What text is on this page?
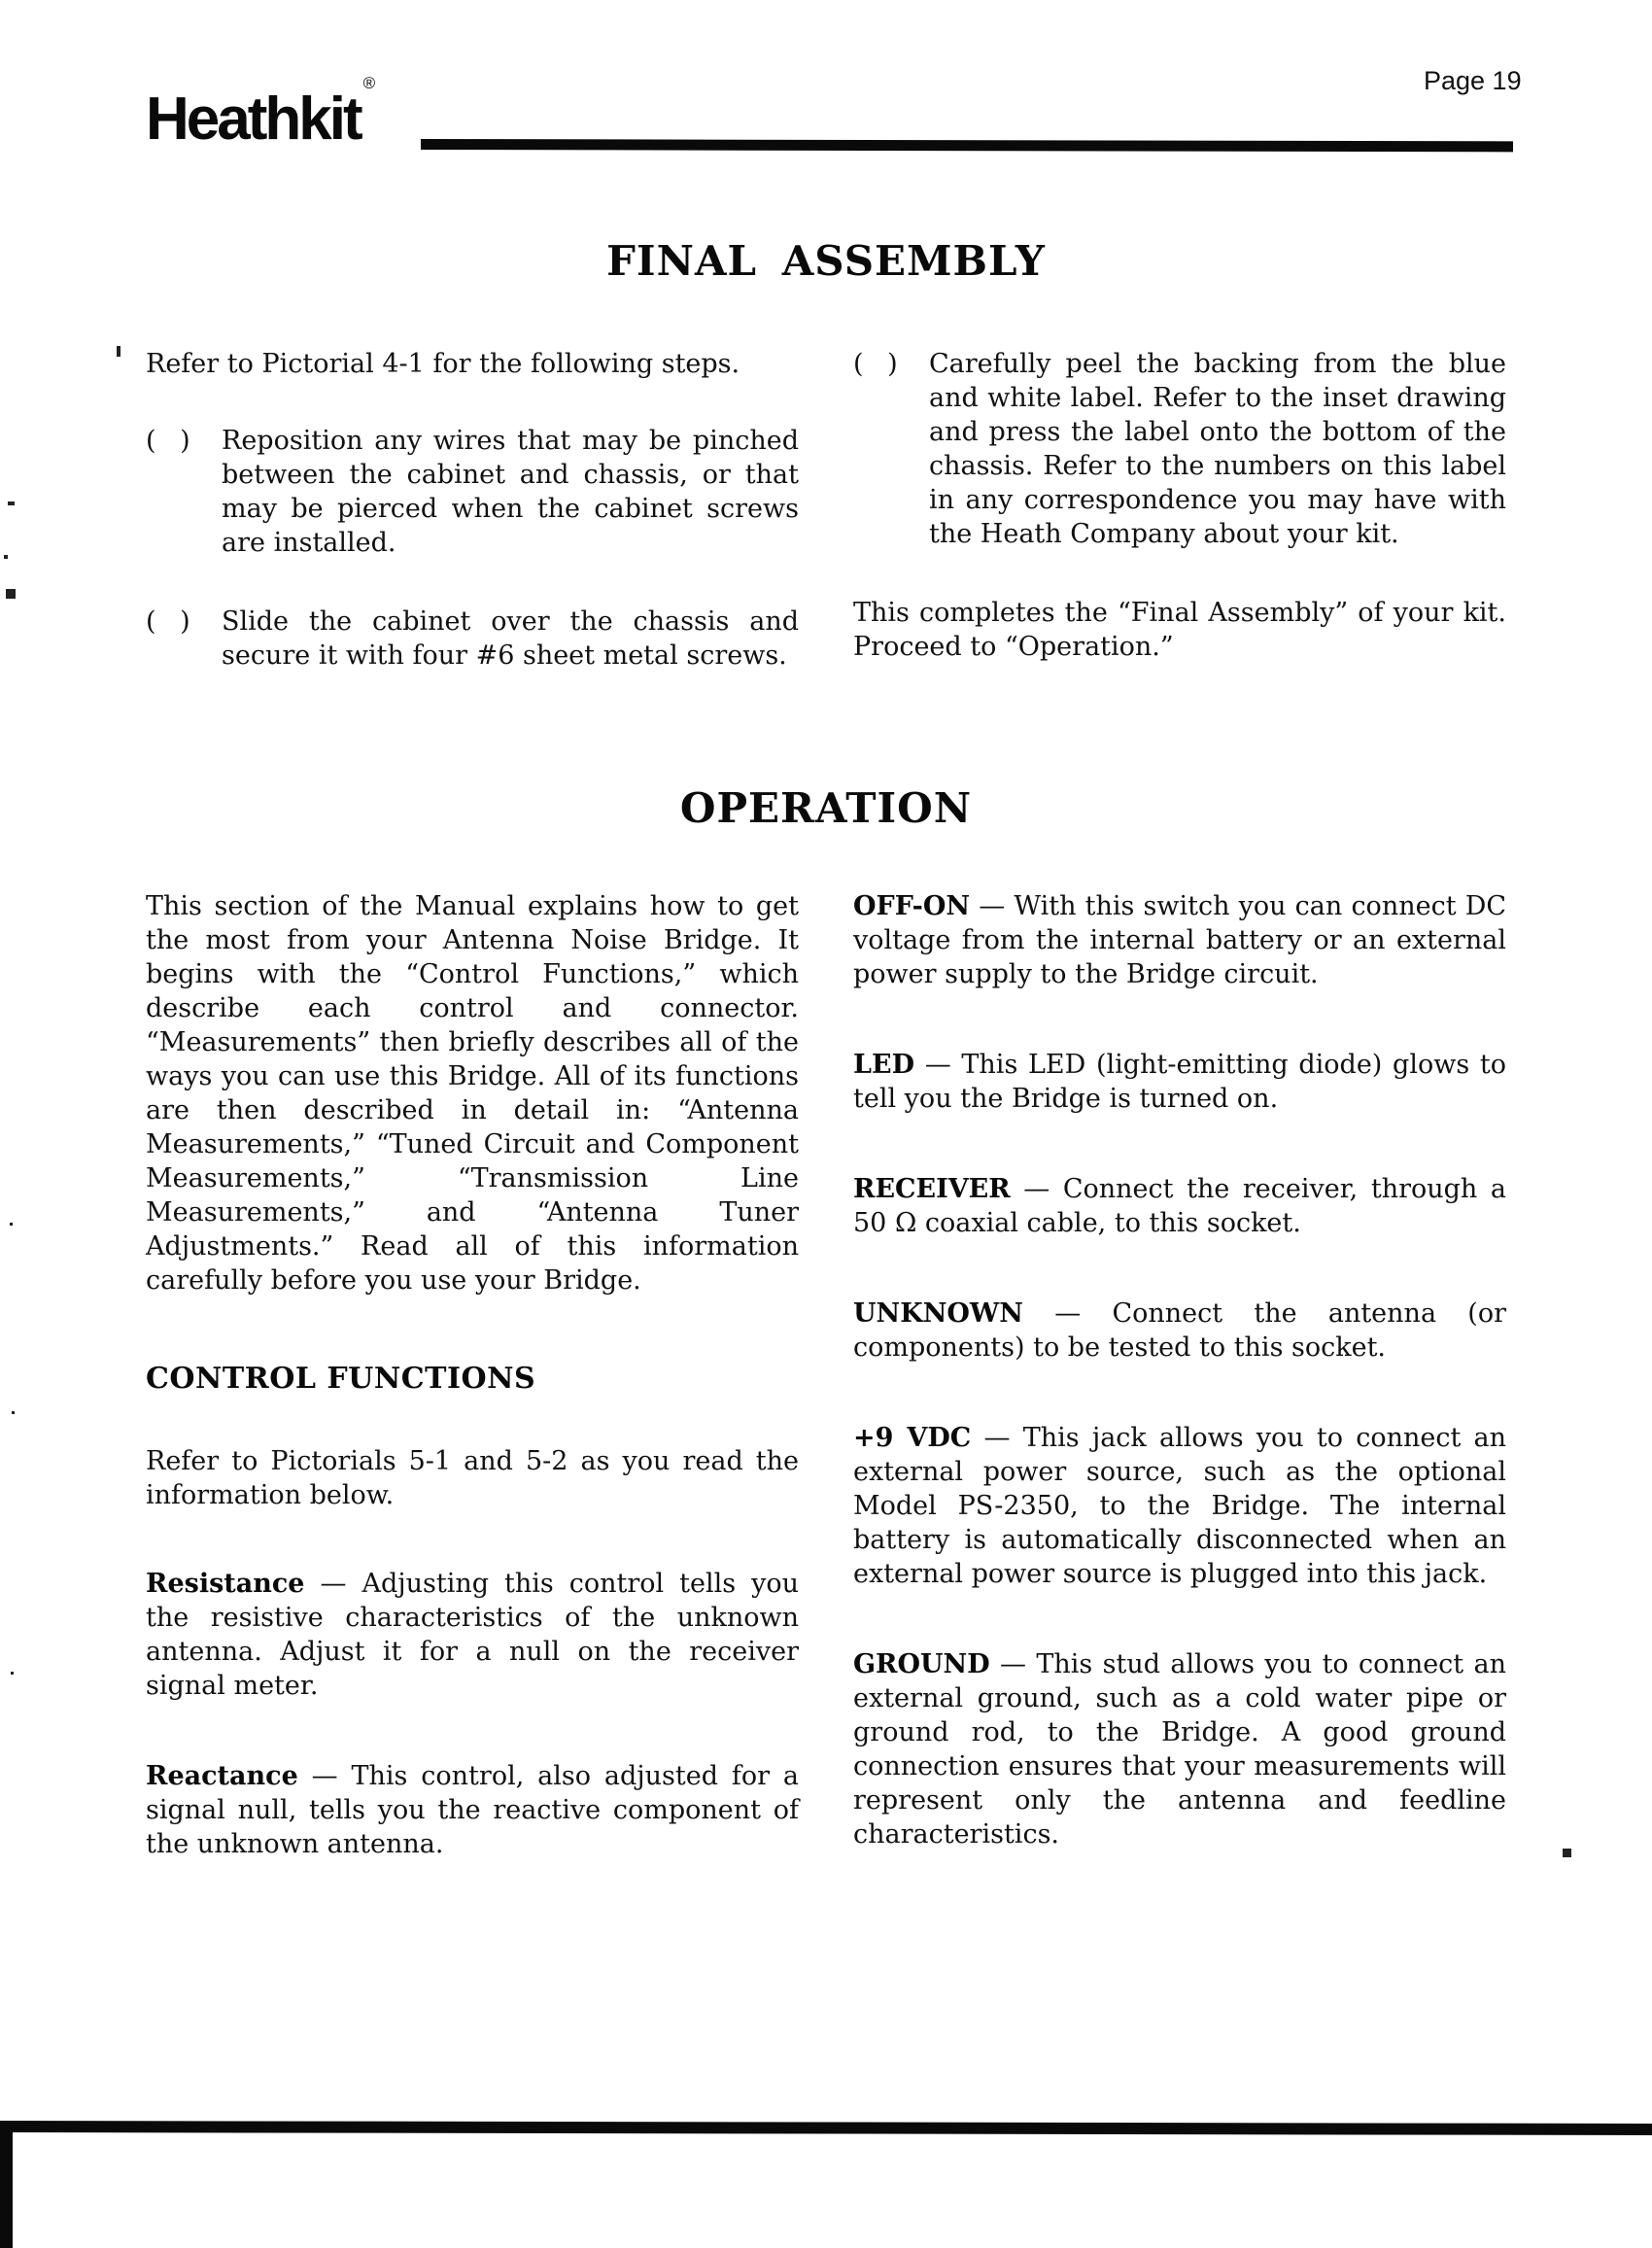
Heathkit®	Page 19
FINAL ASSEMBLY

Refer to Pictorial 4-1 for the following steps.

( )	Reposition any wires that may be pinched between the cabinet and chassis, or that may be pierced when the cabinet screws are installed.
( )	Slide the cabinet over the chassis and secure it with four #6 sheet metal screws.
( )	Carefully peel the backing from the blue and white label. Refer to the inset drawing and press the label onto the bottom of the chassis. Refer to the numbers on this label in any correspondence you may have with the Heath Company about your kit.

This completes the “Final Assembly” of your kit. Proceed to “Operation.”

OPERATION

This section of the Manual explains how to get the most from your Antenna Noise Bridge. It begins with the “Control Functions,” which describe each control and connector. “Measurements” then briefly describes all of the ways you can use this Bridge. All of its functions are then described in detail in: “Antenna Measurements,” “Tuned Circuit and Component Measurements,” “Transmission Line Measurements,” and “Antenna Tuner Adjustments.” Read all of this information carefully before you use your Bridge.

CONTROL FUNCTIONS

Refer to Pictorials 5-1 and 5-2 as you read the information below.

Resistance — Adjusting this control tells you the resistive characteristics of the unknown antenna. Adjust it for a null on the receiver signal meter.

Reactance — This control, also adjusted for a signal null, tells you the reactive component of the unknown antenna.

OFF-ON — With this switch you can connect DC voltage from the internal battery or an external power supply to the Bridge circuit.

LED — This LED (light-emitting diode) glows to tell you the Bridge is turned on.

RECEIVER — Connect the receiver, through a 50 Ω coaxial cable, to this socket.

UNKNOWN — Connect the antenna (or components) to be tested to this socket.

+9 VDC — This jack allows you to connect an external power source, such as the optional Model PS-2350, to the Bridge. The internal battery is automatically disconnected when an external power source is plugged into this jack.

GROUND — This stud allows you to connect an external ground, such as a cold water pipe or ground rod, to the Bridge. A good ground connection ensures that your measurements will represent only the antenna and feedline characteristics.
